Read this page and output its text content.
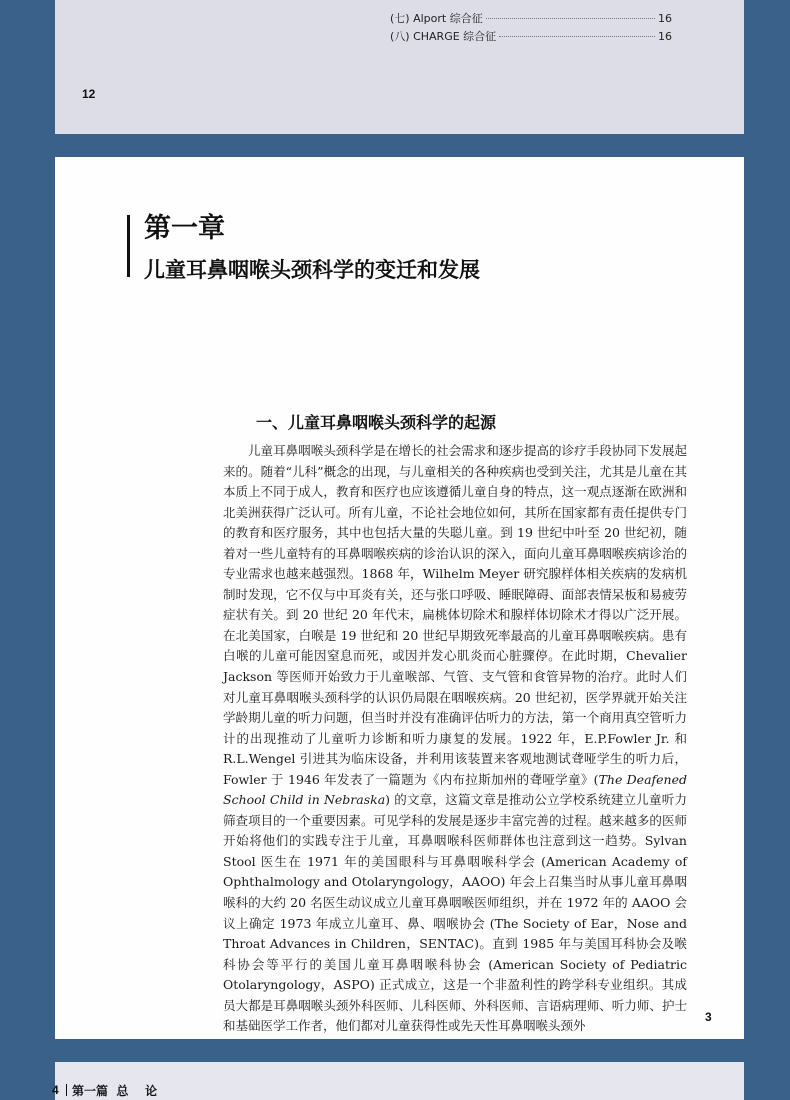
(七) Alport 综合征	16
(八) CHARGE 综合征	16
12
第一章
儿童耳鼻咽喉头颈科学的变迁和发展
一、儿童耳鼻咽喉头颈科学的起源

儿童耳鼻咽喉头颈科学是在增长的社会需求和逐步提高的诊疗手段协同下发展起来的。随着“儿科”概念的出现，与儿童相关的各种疾病也受到关注，尤其是儿童在其本质上不同于成人，教育和医疗也应该遵循儿童自身的特点，这一观点逐渐在欧洲和北美洲获得广泛认可。所有儿童，不论社会地位如何，其所在国家都有责任提供专门的教育和医疗服务，其中也包括大量的失聪儿童。到 19 世纪中叶至 20 世纪初，随着对一些儿童特有的耳鼻咽喉疾病的诊治认识的深入，面向儿童耳鼻咽喉疾病诊治的专业需求也越来越强烈。1868 年，Wilhelm Meyer 研究腺样体相关疾病的发病机制时发现，它不仅与中耳炎有关，还与张口呼吸、睡眠障碍、面部表情呆板和易疲劳症状有关。到 20 世纪 20 年代末，扁桃体切除术和腺样体切除术才得以广泛开展。在北美国家，白喉是 19 世纪和 20 世纪早期致死率最高的儿童耳鼻咽喉疾病。患有白喉的儿童可能因窒息而死，或因并发心肌炎而心脏骤停。在此时期，Chevalier Jackson 等医师开始致力于儿童喉部、气管、支气管和食管异物的治疗。此时人们对儿童耳鼻咽喉头颈科学的认识仍局限在咽喉疾病。20 世纪初，医学界就开始关注学龄期儿童的听力问题，但当时并没有准确评估听力的方法，第一个商用真空管听力计的出现推动了儿童听力诊断和听力康复的发展。1922 年，E.P.Fowler Jr. 和 R.L.Wengel 引进其为临床设备，并利用该装置来客观地测试聋哑学生的听力后，Fowler 于 1946 年发表了一篇题为《内布拉斯加州的聋哑学童》(The Deafened School Child in Nebraska) 的文章，这篇文章是推动公立学校系统建立儿童听力筛查项目的一个重要因素。可见学科的发展是逐步丰富完善的过程。越来越多的医师开始将他们的实践专注于儿童，耳鼻咽喉科医师群体也注意到这一趋势。Sylvan Stool 医生在 1971 年的美国眼科与耳鼻咽喉科学会 (American Academy of Ophthalmology and Otolaryngology，AAOO) 年会上召集当时从事儿童耳鼻咽喉科的大约 20 名医生动议成立儿童耳鼻咽喉医师组织，并在 1972 年的 AAOO 会议上确定 1973 年成立儿童耳、鼻、咽喉协会 (The Society of Ear，Nose and Throat Advances in Children，SENTAC)。直到 1985 年与美国耳科协会及喉科协会等平行的美国儿童耳鼻咽喉科协会 (American Society of Pediatric Otolaryngology，ASPO) 正式成立，这是一个非盈利性的跨学科专业组织。其成员大都是耳鼻咽喉头颈外科医师、儿科医师、外科医师、言语病理师、听力师、护士和基础医学工作者，他们都对儿童获得性或先天性耳鼻咽喉头颈外

3
4 第一篇  总    论
